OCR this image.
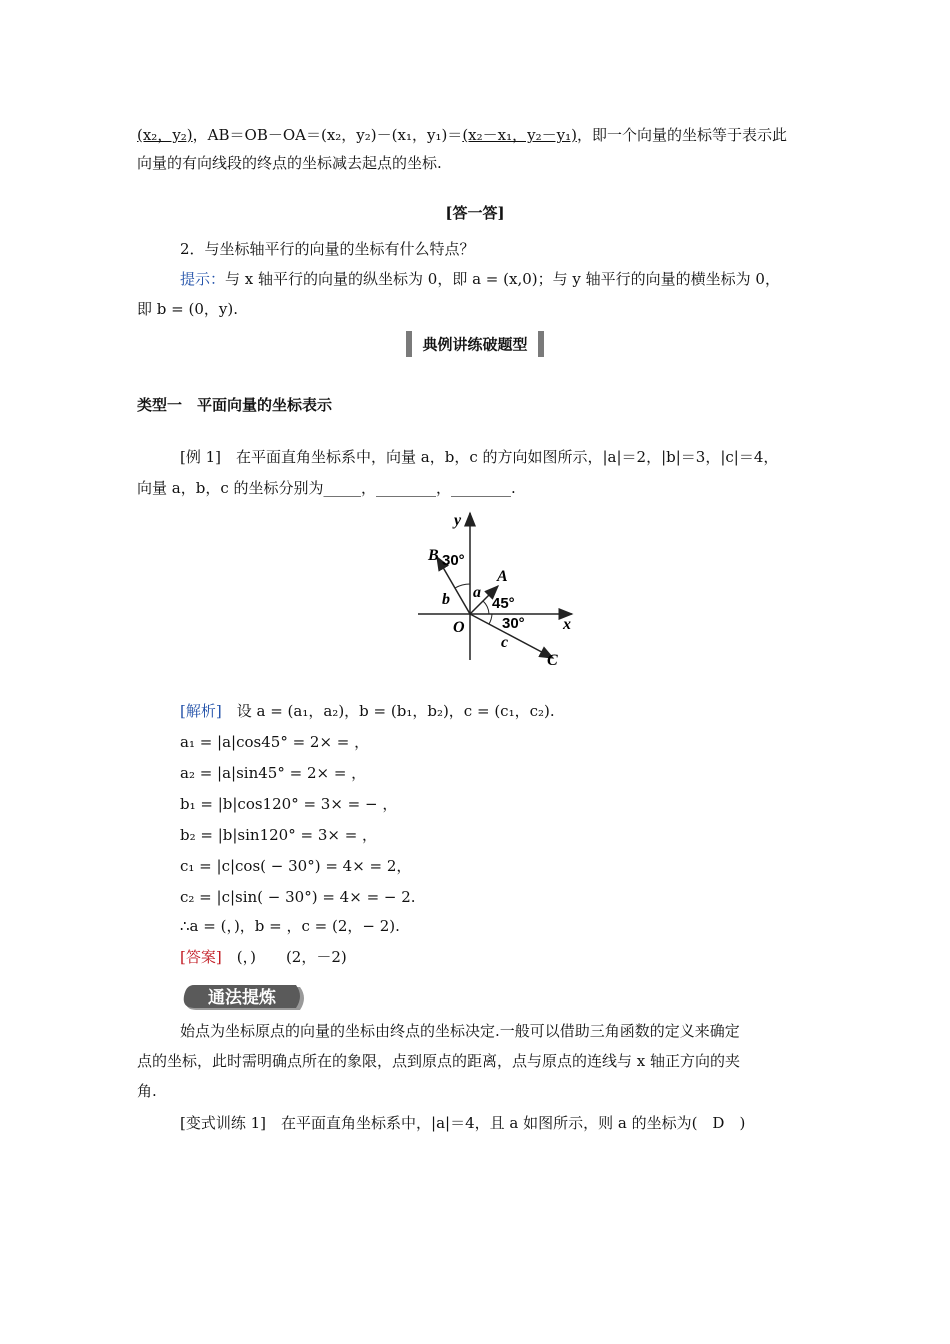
(x₂，y₂)，AB＝OB－OA＝(x₂，y₂)－(x₁，y₁)＝(x₂－x₁，y₂－y₁)，即一个向量的坐标等于表示此
向量的有向线段的终点的坐标减去起点的坐标.
[答一答]
2．与坐标轴平行的向量的坐标有什么特点？
提示：与 x 轴平行的向量的纵坐标为 0，即 a = (x,0)；与 y 轴平行的向量的横坐标为 0，
即 b = (0，y).
典例讲练破题型
类型一　平面向量的坐标表示
[例 1]　在平面直角坐标系中，向量 a，b，c 的方向如图所示，|a|＝2，|b|＝3，|c|＝4，
向量 a，b，c 的坐标分别为_____，________，________.
y
x
O
B 30°
A
a
45°
b
30°
c
C
[解析]　 设 a = (a₁，a₂)，b = (b₁，b₂)，c = (c₁，c₂).
a₁ = |a|cos45° = 2× = ，
a₂ = |a|sin45° = 2× = ，
b₁ = |b|cos120° = 3× = − ，
b₂ = |b|sin120° = 3× = ，
c₁ = |c|cos( − 30°) = 4× = 2，
c₂ = |c|sin( − 30°) = 4× = − 2.
∴a = (，)，b = ，c = (2，− 2).
[答案]　 (，)　　(2，－2)
通法提炼
始点为坐标原点的向量的坐标由终点的坐标决定.一般可以借助三角函数的定义来确定
点的坐标，此时需明确点所在的象限，点到原点的距离，点与原点的连线与 x 轴正方向的夹
角.
[变式训练 1]　在平面直角坐标系中，|a|＝4，且 a 如图所示，则 a 的坐标为(　D　)
